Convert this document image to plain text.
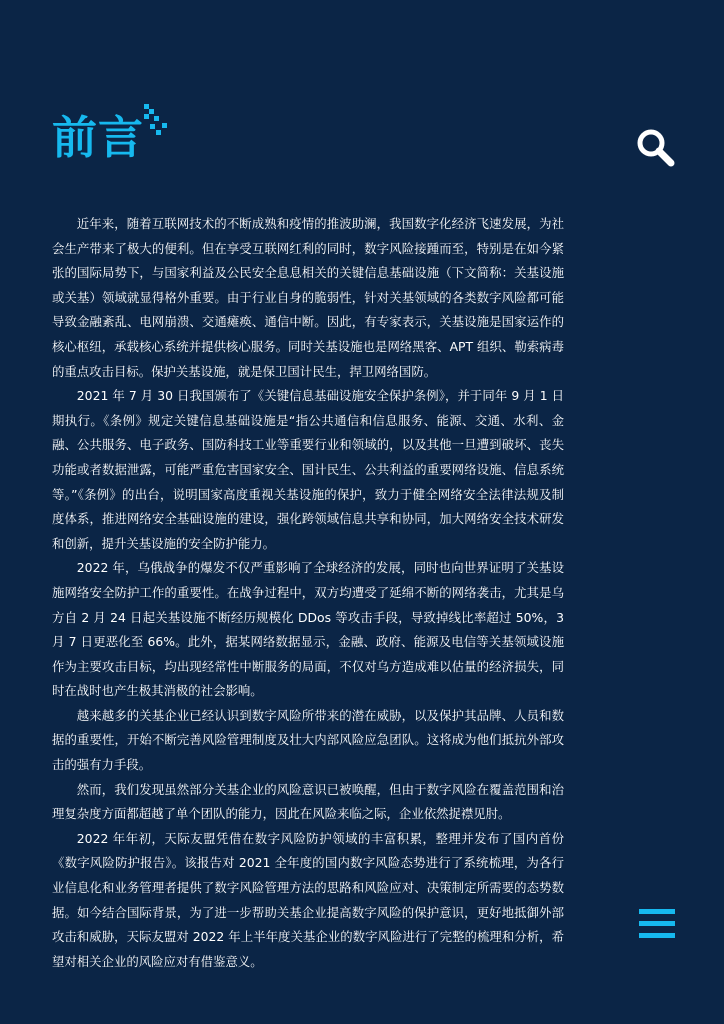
前言

近年来，随着互联网技术的不断成熟和疫情的推波助澜，我国数字化经济飞速发展，为社会生产带来了极大的便利。但在享受互联网红利的同时，数字风险接踵而至，特别是在如今紧张的国际局势下，与国家利益及公民安全息息相关的关键信息基础设施（下文简称：关基设施或关基）领域就显得格外重要。由于行业自身的脆弱性，针对关基领域的各类数字风险都可能导致金融紊乱、电网崩溃、交通瘫痪、通信中断。因此，有专家表示，关基设施是国家运作的核心枢纽，承载核心系统并提供核心服务。同时关基设施也是网络黑客、APT 组织、勒索病毒的重点攻击目标。保护关基设施，就是保卫国计民生，捍卫网络国防。

2021 年 7 月 30 日我国颁布了《关键信息基础设施安全保护条例》，并于同年 9 月 1 日期执行。《条例》规定关键信息基础设施是“指公共通信和信息服务、能源、交通、水利、金融、公共服务、电子政务、国防科技工业等重要行业和领域的，以及其他一旦遭到破坏、丧失功能或者数据泄露，可能严重危害国家安全、国计民生、公共利益的重要网络设施、信息系统等。”《条例》的出台，说明国家高度重视关基设施的保护，致力于健全网络安全法律法规及制度体系，推进网络安全基础设施的建设，强化跨领域信息共享和协同，加大网络安全技术研发和创新，提升关基设施的安全防护能力。

2022 年，乌俄战争的爆发不仅严重影响了全球经济的发展，同时也向世界证明了关基设施网络安全防护工作的重要性。在战争过程中，双方均遭受了延绵不断的网络袭击，尤其是乌方自 2 月 24 日起关基设施不断经历规模化 DDos 等攻击手段，导致掉线比率超过 50%，3 月 7 日更恶化至 66%。此外，据某网络数据显示，金融、政府、能源及电信等关基领域设施作为主要攻击目标，均出现经常性中断服务的局面，不仅对乌方造成难以估量的经济损失，同时在战时也产生极其消极的社会影响。

越来越多的关基企业已经认识到数字风险所带来的潜在威胁，以及保护其品牌、人员和数据的重要性，开始不断完善风险管理制度及壮大内部风险应急团队。这将成为他们抵抗外部攻击的强有力手段。

然而，我们发现虽然部分关基企业的风险意识已被唤醒，但由于数字风险在覆盖范围和治理复杂度方面都超越了单个团队的能力，因此在风险来临之际，企业依然捉襟见肘。

2022 年年初，天际友盟凭借在数字风险防护领域的丰富积累，整理并发布了国内首份《数字风险防护报告》。该报告对 2021 全年度的国内数字风险态势进行了系统梳理，为各行业信息化和业务管理者提供了数字风险管理方法的思路和风险应对、决策制定所需要的态势数据。如今结合国际背景，为了进一步帮助关基企业提高数字风险的保护意识，更好地抵御外部攻击和威胁，天际友盟对 2022 年上半年度关基企业的数字风险进行了完整的梳理和分析，希望对相关企业的风险应对有借鉴意义。
